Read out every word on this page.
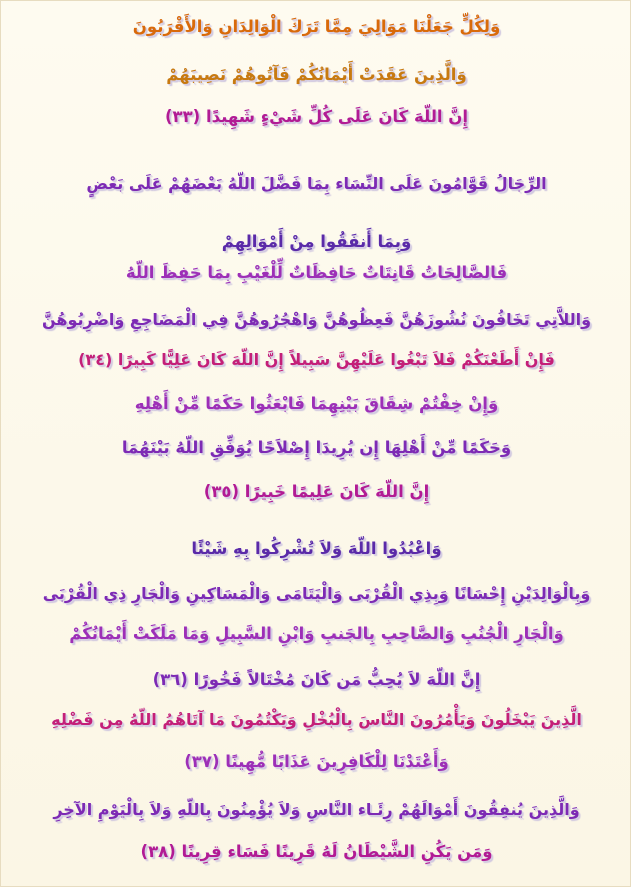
وَلِكُلٍّ جَعَلْنَا مَوَالِيَ مِمَّا تَرَكَ الْوَالِدَانِ وَالأَقْرَبُونَ
وَالَّذِينَ عَقَدَتْ أَيْمَانُكُمْ فَآتُوهُمْ نَصِيبَهُمْ
إِنَّ اللّهَ كَانَ عَلَى كُلِّ شَيْءٍ شَهِيدًا (٣٣)
الرِّجَالُ قَوَّامُونَ عَلَى النِّسَاء بِمَا فَضَّلَ اللّهُ بَعْضَهُمْ عَلَى بَعْضٍ
وَبِمَا أَنفَقُوا مِنْ أَمْوَالِهِمْ
فَالصَّالِحَاتُ قَانِتَاتٌ حَافِظَاتٌ لِّلْغَيْبِ بِمَا حَفِظَ اللّهُ
وَاللاَّتِي تَخَافُونَ نُشُوزَهُنَّ فَعِظُوهُنَّ وَاهْجُرُوهُنَّ فِي الْمَضَاجِعِ وَاضْرِبُوهُنَّ
فَإِنْ أَطَعْنَكُمْ فَلاَ تَبْغُوا عَلَيْهِنَّ سَبِيلاً إِنَّ اللّهَ كَانَ عَلِيًّا كَبِيرًا (٣٤)
وَإِنْ خِفْتُمْ شِقَاقَ بَيْنِهِمَا فَابْعَثُوا حَكَمًا مِّنْ أَهْلِهِ
وَحَكَمًا مِّنْ أَهْلِهَا إِن يُرِيدَا إِصْلاَحًا يُوَفِّقِ اللّهُ بَيْنَهُمَا
إِنَّ اللّهَ كَانَ عَلِيمًا خَبِيرًا (٣٥)
وَاعْبُدُوا اللّهَ وَلاَ تُشْرِكُوا بِهِ شَيْئًا
وَبِالْوَالِدَيْنِ إِحْسَانًا وَبِذِي الْقُرْبَى وَالْيَتَامَى وَالْمَسَاكِينِ وَالْجَارِ ذِي الْقُرْبَى
وَالْجَارِ الْجُنُبِ وَالصَّاحِبِ بِالجَنبِ وَابْنِ السَّبِيلِ وَمَا مَلَكَتْ أَيْمَانُكُمْ
إِنَّ اللّهَ لاَ يُحِبُّ مَن كَانَ مُخْتَالاً فَخُورًا (٣٦)
الَّذِينَ يَبْخَلُونَ وَيَأْمُرُونَ النَّاسَ بِالْبُخْلِ وَيَكْتُمُونَ مَا آتَاهُمُ اللّهُ مِن فَضْلِهِ
وَأَعْتَدْنَا لِلْكَافِرِينَ عَذَابًا مُّهِينًا (٣٧)
وَالَّذِينَ يُنفِقُونَ أَمْوَالَهُمْ رِئَـاء النَّاسِ وَلاَ يُؤْمِنُونَ بِاللّهِ وَلاَ بِالْيَوْمِ الآخِرِ
وَمَن يَكُنِ الشَّيْطَانُ لَهُ قَرِينًا فَسَاء قِرِينًا (٣٨)
